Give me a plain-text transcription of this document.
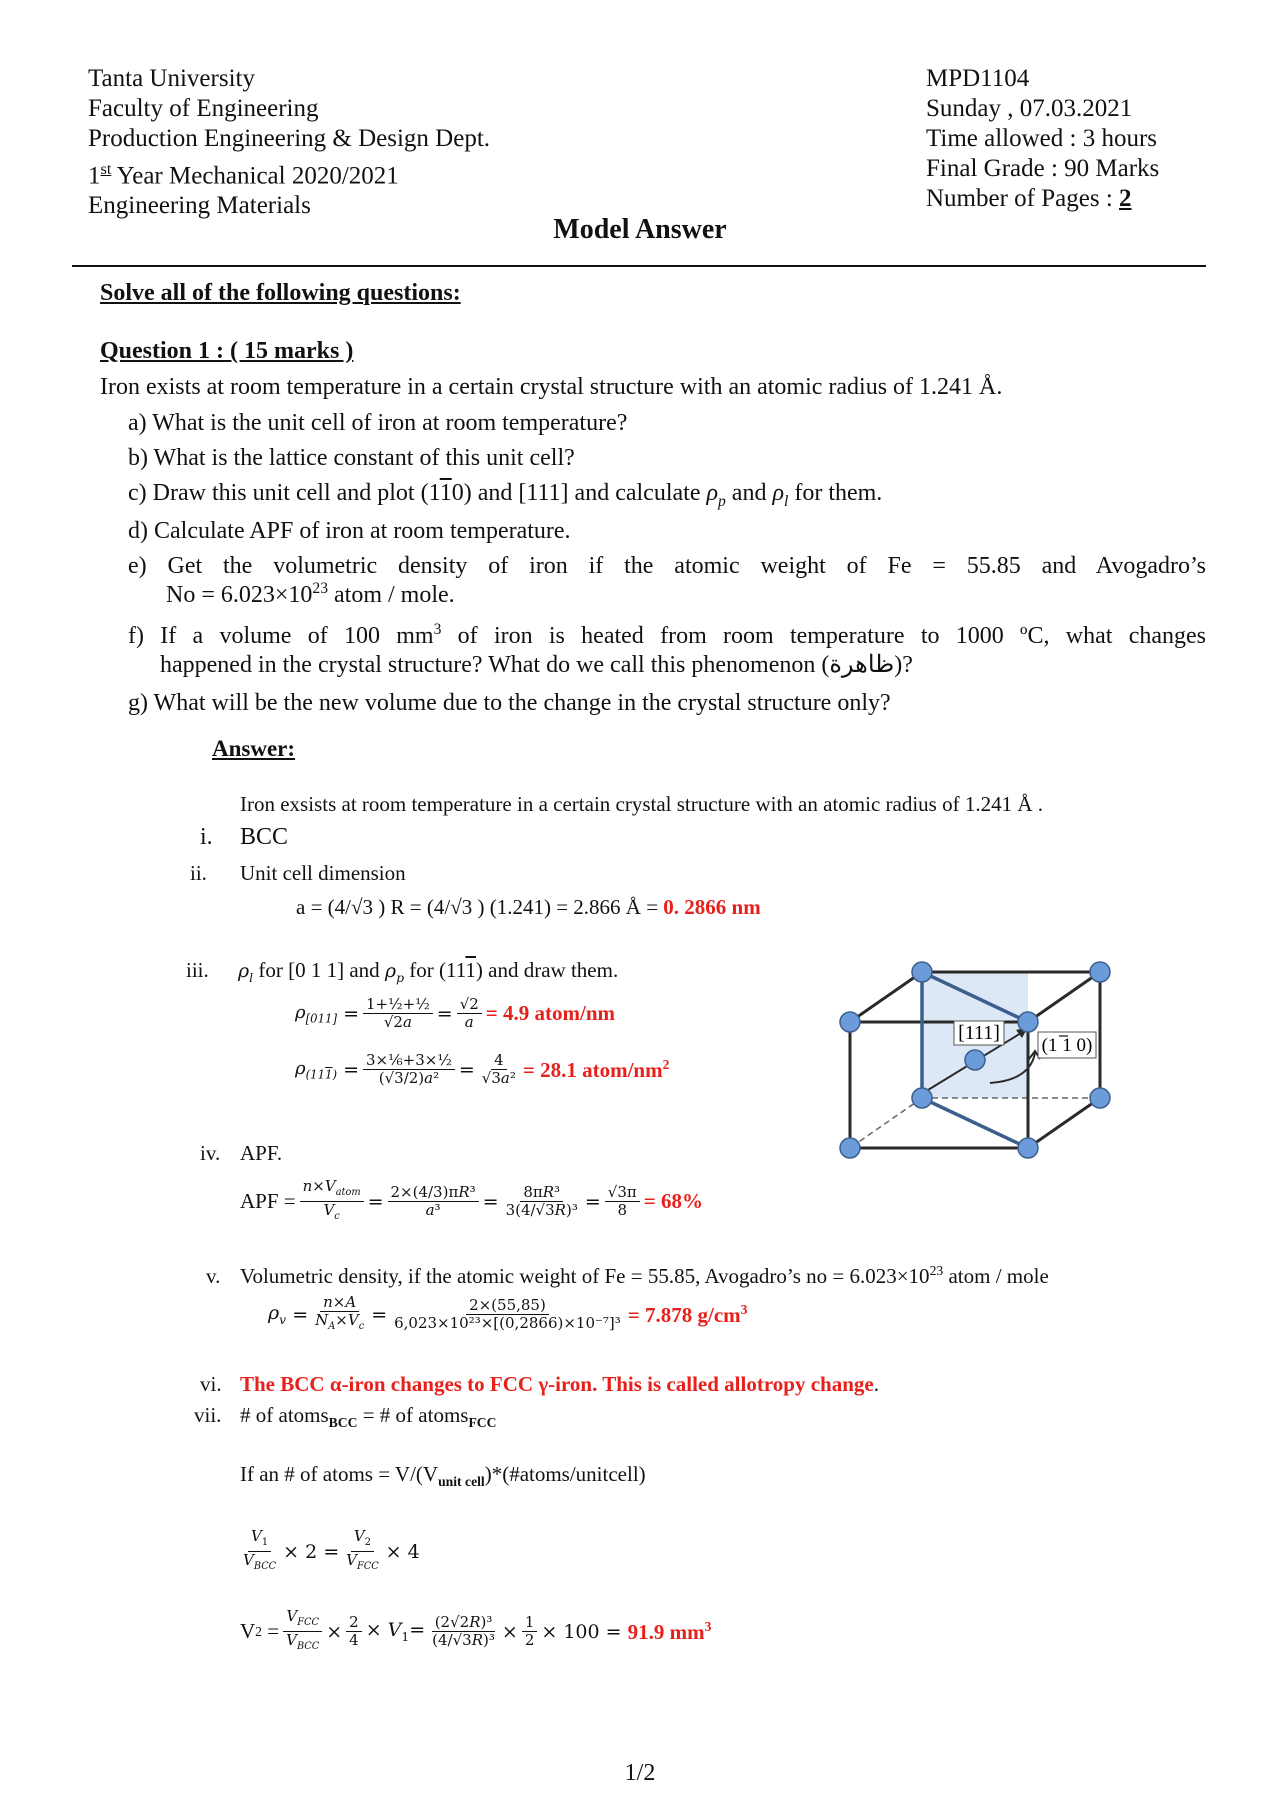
Tanta University
Faculty of Engineering
Production Engineering & Design Dept.
1st Year Mechanical 2020/2021
Engineering Materials
MPD1104
Sunday , 07.03.2021
Time allowed : 3 hours
Final Grade : 90 Marks
Number of Pages : 2
Model Answer
Solve all of the following questions:
Question 1 : ( 15 marks )
Iron exists at room temperature in a certain crystal structure with an atomic radius of 1.241 Å.
a) What is the unit cell of iron at room temperature?
b) What is the lattice constant of this unit cell?
c) Draw this unit cell and plot (110) and [111] and calculate $\rho_p$ and $\rho_l$ for them.
d) Calculate APF of iron at room temperature.
e) Get the volumetric density of iron if the atomic weight of Fe = 55.85 and Avogadro’s
$No = 6.023\times 10^{23}$ atom / mole.
f) If a volume of 100 $mm^3$ of iron is heated from room temperature to 1000 ºC, what changes
happened in the crystal structure? What do we call this phenomenon (ظاهرة)?
g) What will be the new volume due to the change in the crystal structure only?
Answer:
Iron exsists at room temperature in a certain crystal structure with an atomic radius of 1.241 Å .
i. BCC
ii. Unit cell dimension
a = (4/√3 ) R = (4/√3 ) (1.241) = 2.866 Å = 0. 2866 nm
iii. $\rho_l$ for [0 1 1] and $\rho_p$ for (111) and draw them.
$\rho_{[011]} = \frac{\text{1+½+½}}{√2a} = \frac{√2}{a} = 4.9$ atom/nm
$\rho_{(111)} = \frac{\text{3×⅙+3×½}}{\text{(√3/2)a²}} = \frac{4}{\text{√3a²}} = 28.1$ atom/$nm^2$
iv. APF.
APF = $\frac{n\times V_{atom}}{V_c} = \frac{\text{2×(4/3)πR³}}{\text{a³}} = \frac{\text{8πR³}}{\text{3(4/√3R)³}} = \frac{√3\pi}{8} = 68\%$
v. Volumetric density, if the atomic weight of Fe = 55.85, Avogadro’s no = $6.023\times 10^{23}$ atom / mole
$\rho_v = \frac{n\times A}{N_A\times V_c} = \frac{2\times(55,85)}{\text{6,023×10²³×[(0,2866)×10⁻⁷]³}} = 7.878$ $g/cm^3$
vi. The BCC α-iron changes to FCC γ-iron. This is called allotropy change.
vii. # of atoms$_{BCC}$ = # of atoms$_{FCC}$
If an # of atoms = $V/(V_{unit cell})*(\#atoms/unitcell)$
$\frac{V_1}{V_{BCC}} \times 2 = \frac{V_2}{V_{FCC}} \times 4$
V $2 = \frac{V_{FCC}}{V_{BCC}} \times \frac{2}{4} \times V_1= \frac{\text{(2√2R)³}}{\text{(4/√3R)³}} \times \frac{1}{2} \times 100 = 91.9$ $mm^3$
[111]
(1 1 0)
1/2
